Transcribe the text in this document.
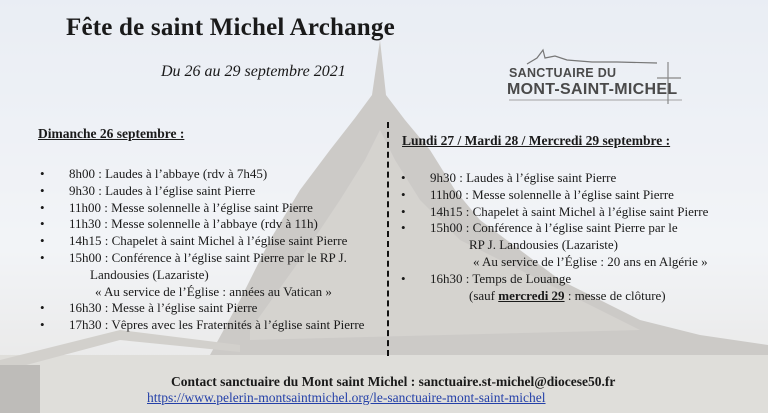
Fête de saint Michel Archange
Du 26 au 29 septembre 2021	SANCTUAIRE DU
MONT-SAINT-MICHEL
Dimanche 26 septembre :
• 8h00 : Laudes à l’abbaye (rdv à 7h45)
• 9h30 : Laudes à l’église saint Pierre
• 11h00 : Messe solennelle à l’église saint Pierre
• 11h30 : Messe solennelle à l’abbaye (rdv à 11h)
• 14h15 : Chapelet à saint Michel à l’église saint Pierre
• 15h00 : Conférence à l’église saint Pierre par le RP J.
Landousies (Lazariste)
« Au service de l’Église : années au Vatican »
• 16h30 : Messe à l’église saint Pierre
• 17h30 : Vêpres avec les Fraternités à l’église saint Pierre
Lundi 27 / Mardi 28 / Mercredi 29 septembre :
• 9h30 : Laudes à l’église saint Pierre
• 11h00 : Messe solennelle à l’église saint Pierre
• 14h15 : Chapelet à saint Michel à l’église saint Pierre
• 15h00 : Conférence à l’église saint Pierre par le
RP J. Landousies (Lazariste)
« Au service de l’Église : 20 ans en Algérie »
• 16h30 : Temps de Louange
(sauf mercredi 29 : messe de clôture)
Contact sanctuaire du Mont saint Michel : sanctuaire.st-michel@diocese50.fr
https://www.pelerin-montsaintmichel.org/le-sanctuaire-mont-saint-michel
